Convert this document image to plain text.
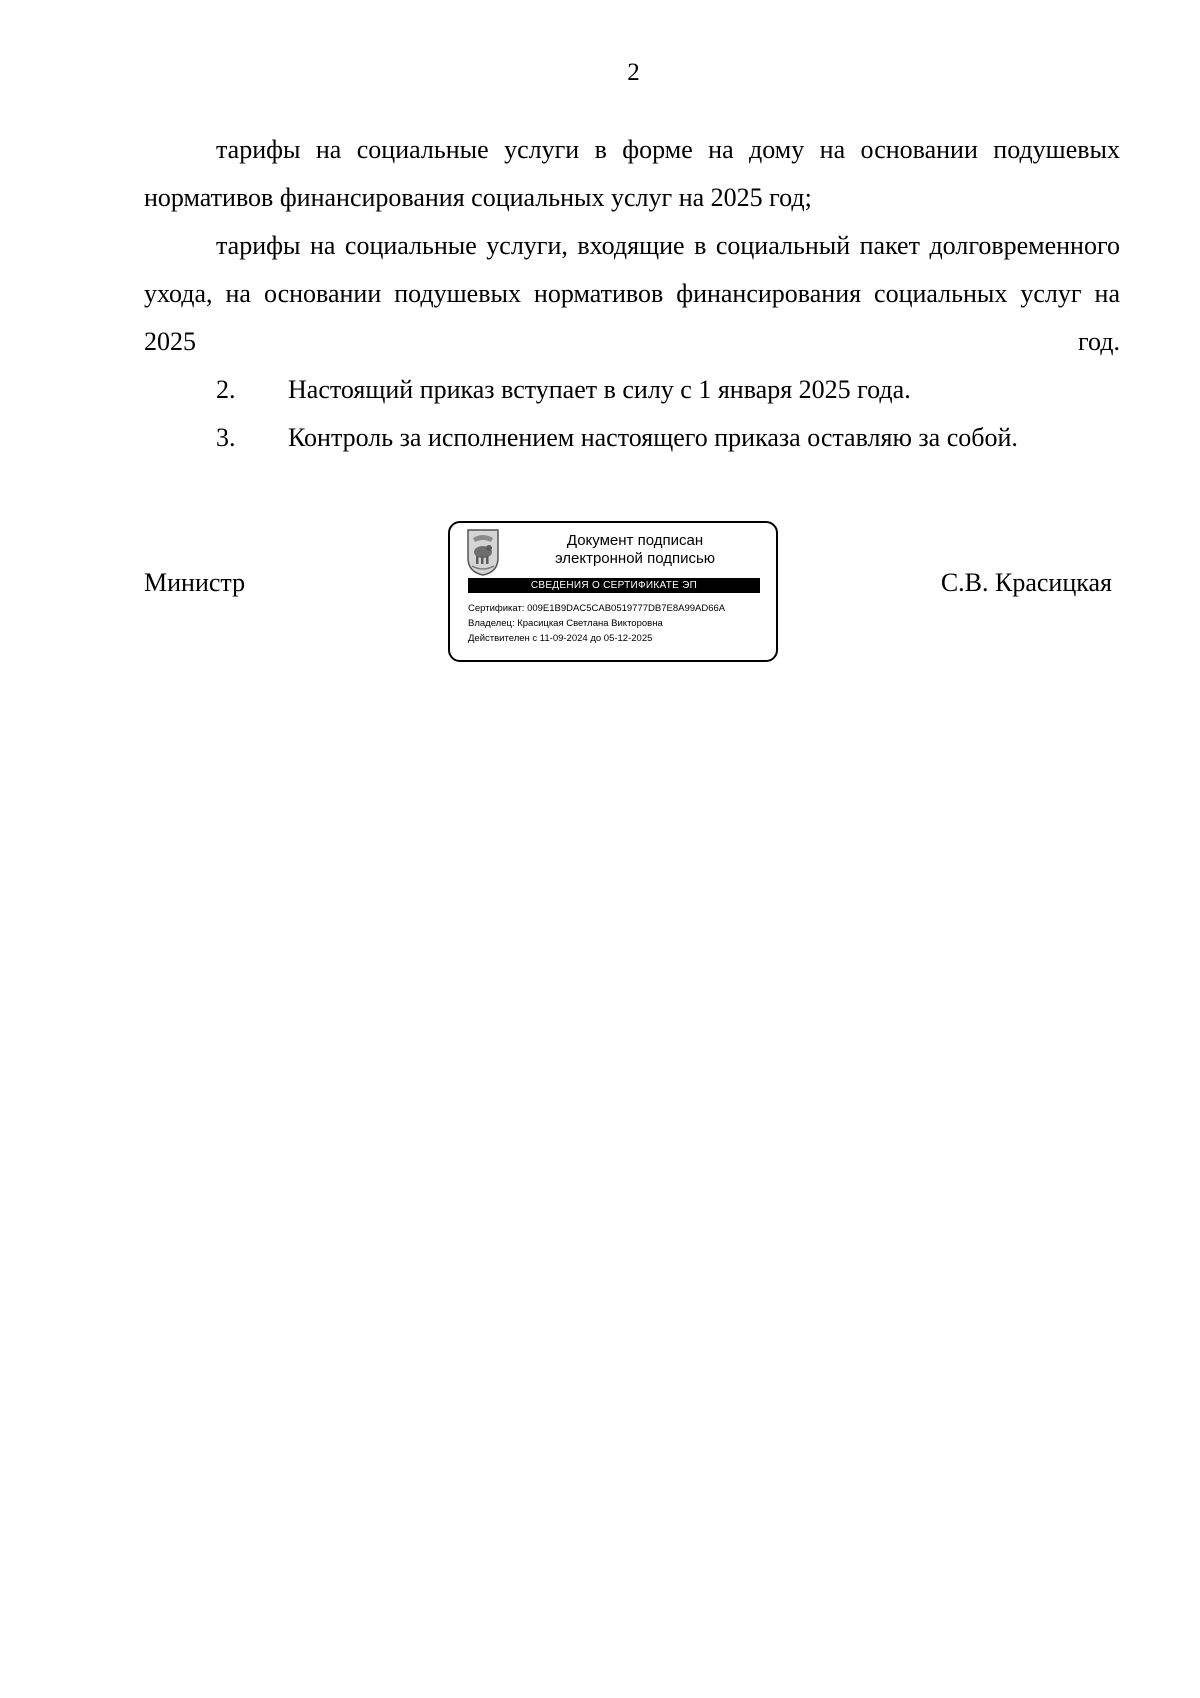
2

тарифы на социальные услуги в форме на дому на основании подушевых нормативов финансирования социальных услуг на 2025 год;

тарифы на социальные услуги, входящие в социальный пакет долговременного ухода, на основании подушевых нормативов финансирования социальных услуг на 2025 год.

2. Настоящий приказ вступает в силу с 1 января 2025 года.
3. Контроль за исполнением настоящего приказа оставляю за собой.
Министр	С.В. Красицкая
Документ подписан
электронной подписью
СВЕДЕНИЯ О СЕРТИФИКАТЕ ЭП
Сертификат: 009E1B9DAC5CAB0519777DB7E8A99AD66A
Владелец: Красицкая Светлана Викторовна
Действителен с 11-09-2024 до 05-12-2025
